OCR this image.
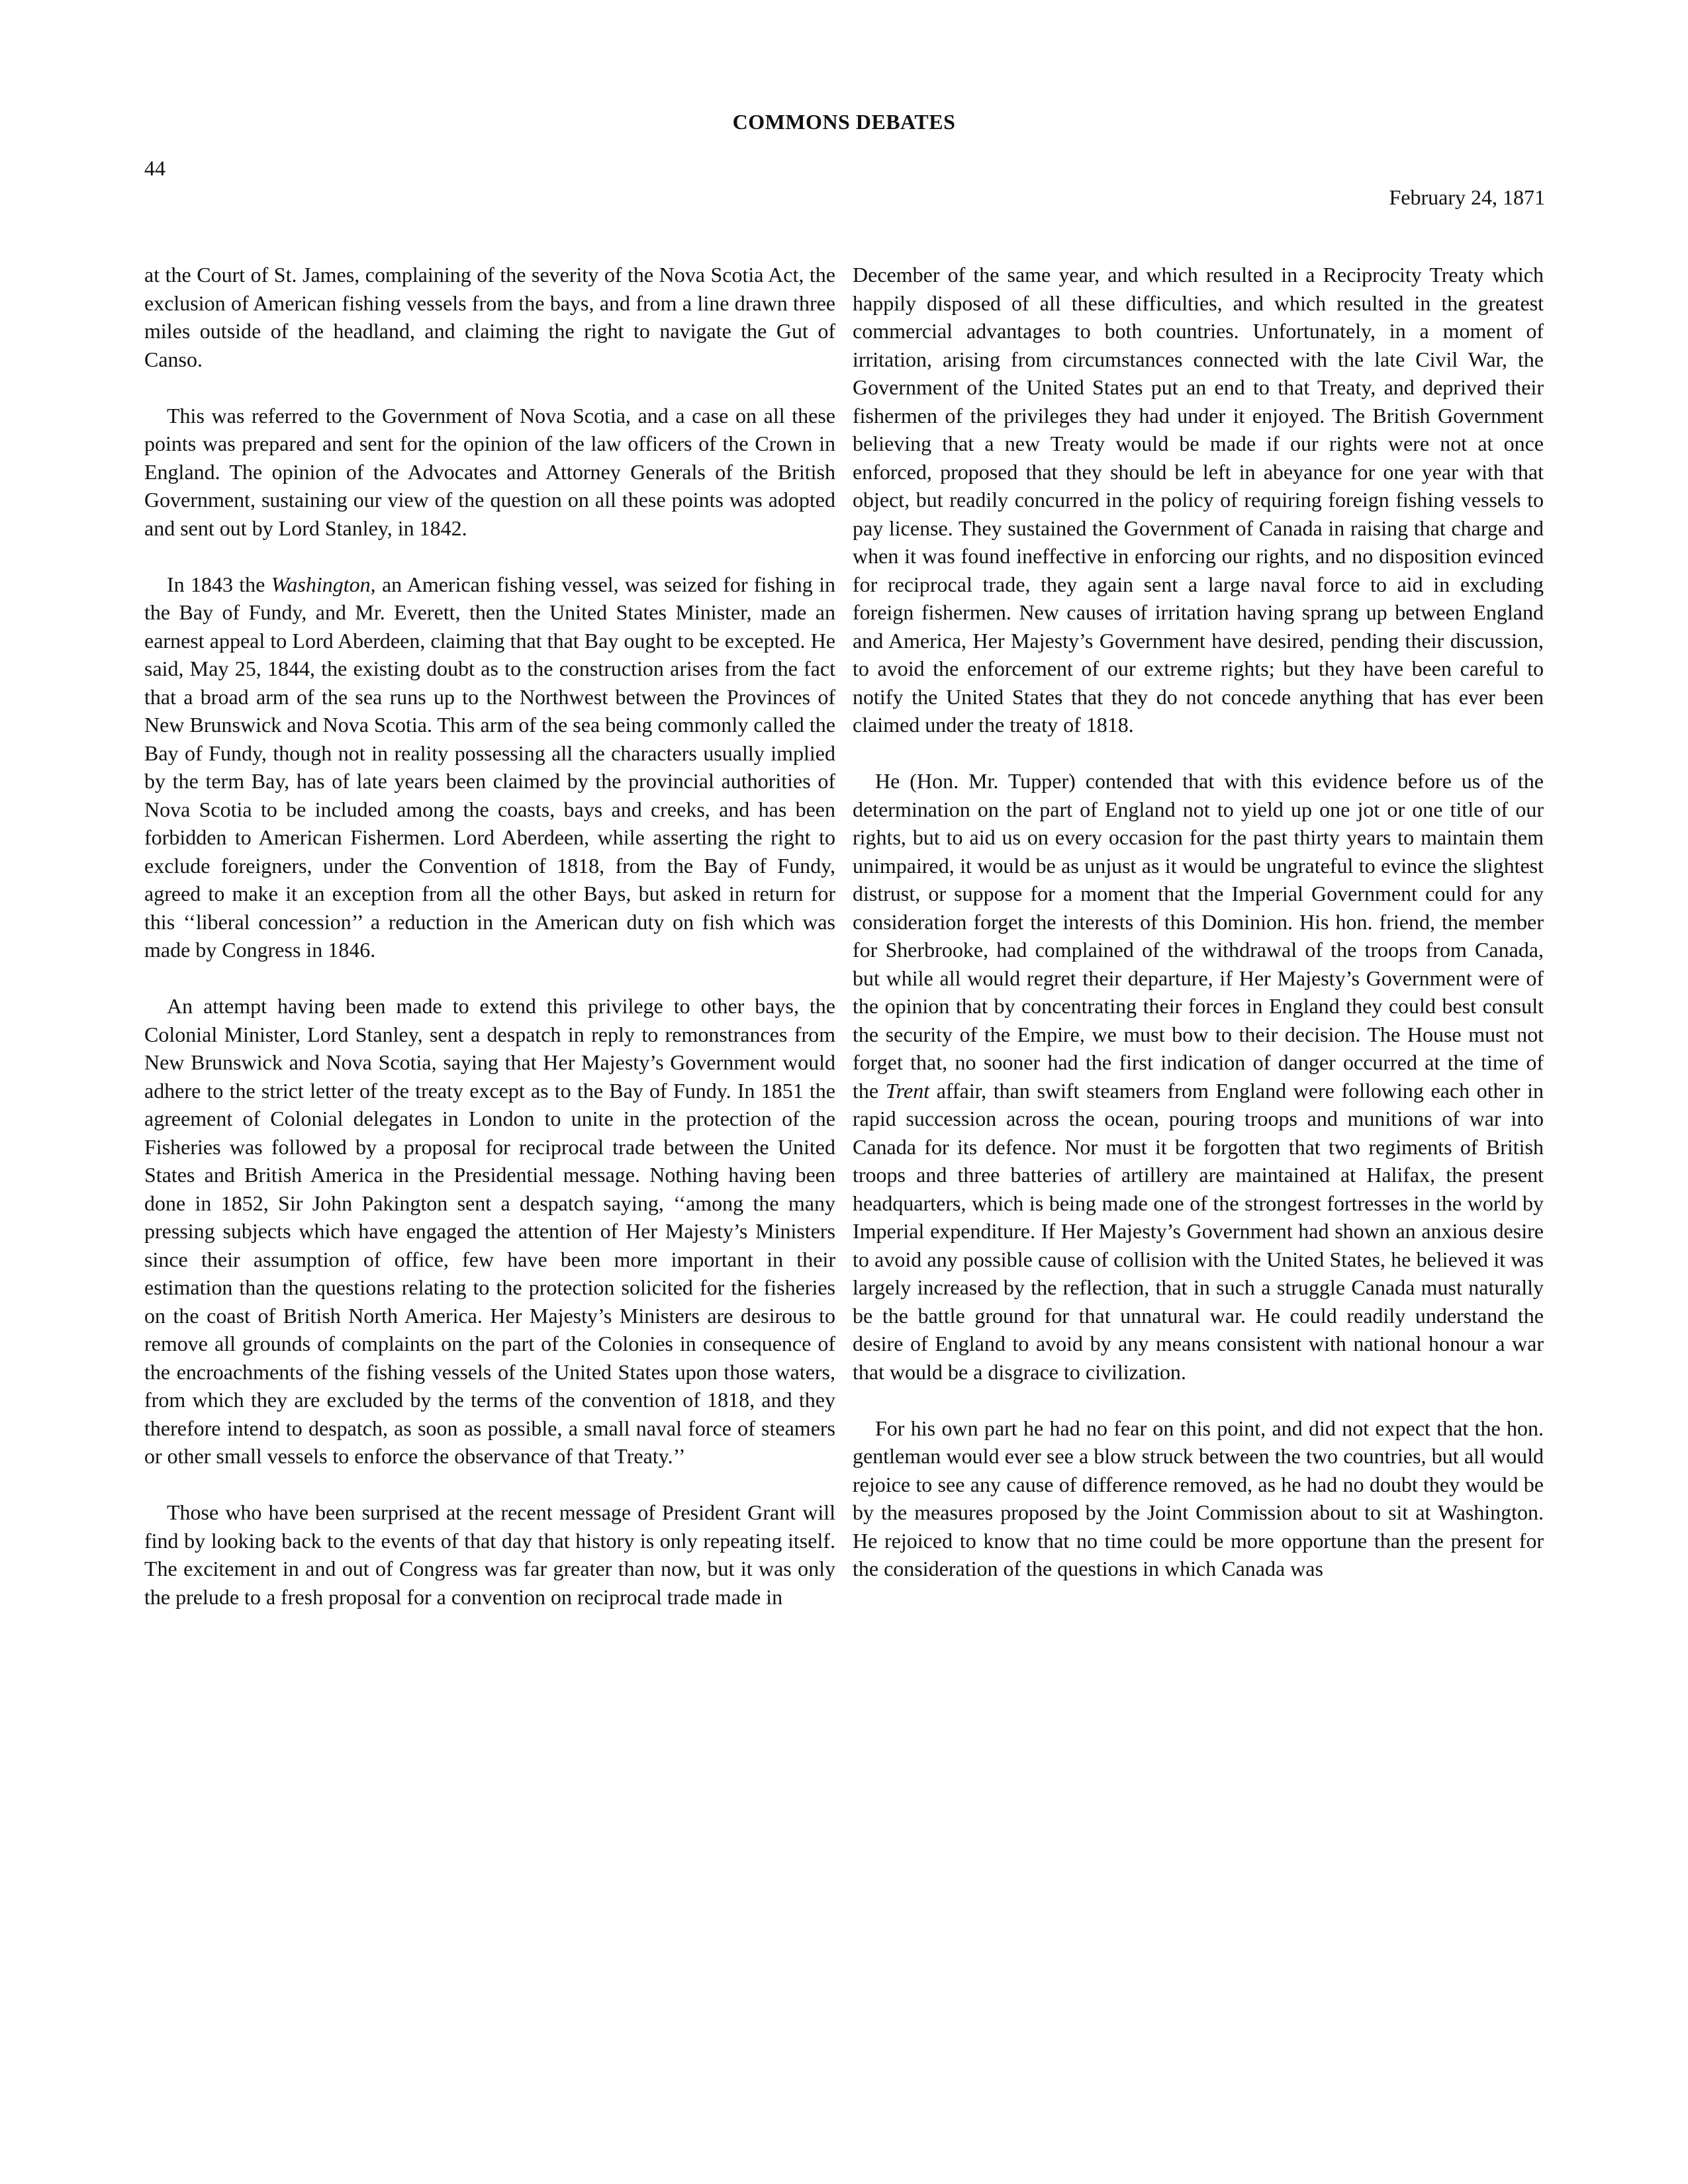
COMMONS DEBATES
44
February 24, 1871

at the Court of St. James, complaining of the severity of the Nova Scotia Act, the exclusion of American fishing vessels from the bays, and from a line drawn three miles outside of the headland, and claiming the right to navigate the Gut of Canso.

This was referred to the Government of Nova Scotia, and a case on all these points was prepared and sent for the opinion of the law officers of the Crown in England. The opinion of the Advocates and Attorney Generals of the British Government, sustaining our view of the question on all these points was adopted and sent out by Lord Stanley, in 1842.

In 1843 the Washington, an American fishing vessel, was seized for fishing in the Bay of Fundy, and Mr. Everett, then the United States Minister, made an earnest appeal to Lord Aberdeen, claiming that that Bay ought to be excepted. He said, May 25, 1844, the existing doubt as to the construction arises from the fact that a broad arm of the sea runs up to the Northwest between the Provinces of New Brunswick and Nova Scotia. This arm of the sea being commonly called the Bay of Fundy, though not in reality possessing all the characters usually implied by the term Bay, has of late years been claimed by the provincial authorities of Nova Scotia to be included among the coasts, bays and creeks, and has been forbidden to American Fishermen. Lord Aberdeen, while asserting the right to exclude foreigners, under the Convention of 1818, from the Bay of Fundy, agreed to make it an exception from all the other Bays, but asked in return for this ‘‘liberal concession’’ a reduction in the American duty on fish which was made by Congress in 1846.

An attempt having been made to extend this privilege to other bays, the Colonial Minister, Lord Stanley, sent a despatch in reply to remonstrances from New Brunswick and Nova Scotia, saying that Her Majesty’s Government would adhere to the strict letter of the treaty except as to the Bay of Fundy. In 1851 the agreement of Colonial delegates in London to unite in the protection of the Fisheries was followed by a proposal for reciprocal trade between the United States and British America in the Presidential message. Nothing having been done in 1852, Sir John Pakington sent a despatch saying, ‘‘among the many pressing subjects which have engaged the attention of Her Majesty’s Ministers since their assumption of office, few have been more important in their estimation than the questions relating to the protection solicited for the fisheries on the coast of British North America. Her Majesty’s Ministers are desirous to remove all grounds of complaints on the part of the Colonies in consequence of the encroachments of the fishing vessels of the United States upon those waters, from which they are excluded by the terms of the convention of 1818, and they therefore intend to despatch, as soon as possible, a small naval force of steamers or other small vessels to enforce the observance of that Treaty.’’

Those who have been surprised at the recent message of President Grant will find by looking back to the events of that day that history is only repeating itself. The excitement in and out of Congress was far greater than now, but it was only the prelude to a fresh proposal for a convention on reciprocal trade made in

December of the same year, and which resulted in a Reciprocity Treaty which happily disposed of all these difficulties, and which resulted in the greatest commercial advantages to both countries. Unfortunately, in a moment of irritation, arising from circumstances connected with the late Civil War, the Government of the United States put an end to that Treaty, and deprived their fishermen of the privileges they had under it enjoyed. The British Government believing that a new Treaty would be made if our rights were not at once enforced, proposed that they should be left in abeyance for one year with that object, but readily concurred in the policy of requiring foreign fishing vessels to pay license. They sustained the Government of Canada in raising that charge and when it was found ineffective in enforcing our rights, and no disposition evinced for reciprocal trade, they again sent a large naval force to aid in excluding foreign fishermen. New causes of irritation having sprang up between England and America, Her Majesty’s Government have desired, pending their discussion, to avoid the enforcement of our extreme rights; but they have been careful to notify the United States that they do not concede anything that has ever been claimed under the treaty of 1818.

He (Hon. Mr. Tupper) contended that with this evidence before us of the determination on the part of England not to yield up one jot or one title of our rights, but to aid us on every occasion for the past thirty years to maintain them unimpaired, it would be as unjust as it would be ungrateful to evince the slightest distrust, or suppose for a moment that the Imperial Government could for any consideration forget the interests of this Dominion. His hon. friend, the member for Sherbrooke, had complained of the withdrawal of the troops from Canada, but while all would regret their departure, if Her Majesty’s Government were of the opinion that by concentrating their forces in England they could best consult the security of the Empire, we must bow to their decision. The House must not forget that, no sooner had the first indication of danger occurred at the time of the Trent affair, than swift steamers from England were following each other in rapid succession across the ocean, pouring troops and munitions of war into Canada for its defence. Nor must it be forgotten that two regiments of British troops and three batteries of artillery are maintained at Halifax, the present headquarters, which is being made one of the strongest fortresses in the world by Imperial expenditure. If Her Majesty’s Government had shown an anxious desire to avoid any possible cause of collision with the United States, he believed it was largely increased by the reflection, that in such a struggle Canada must naturally be the battle ground for that unnatural war. He could readily understand the desire of England to avoid by any means consistent with national honour a war that would be a disgrace to civilization.

For his own part he had no fear on this point, and did not expect that the hon. gentleman would ever see a blow struck between the two countries, but all would rejoice to see any cause of difference removed, as he had no doubt they would be by the measures proposed by the Joint Commission about to sit at Washington. He rejoiced to know that no time could be more opportune than the present for the consideration of the questions in which Canada was
